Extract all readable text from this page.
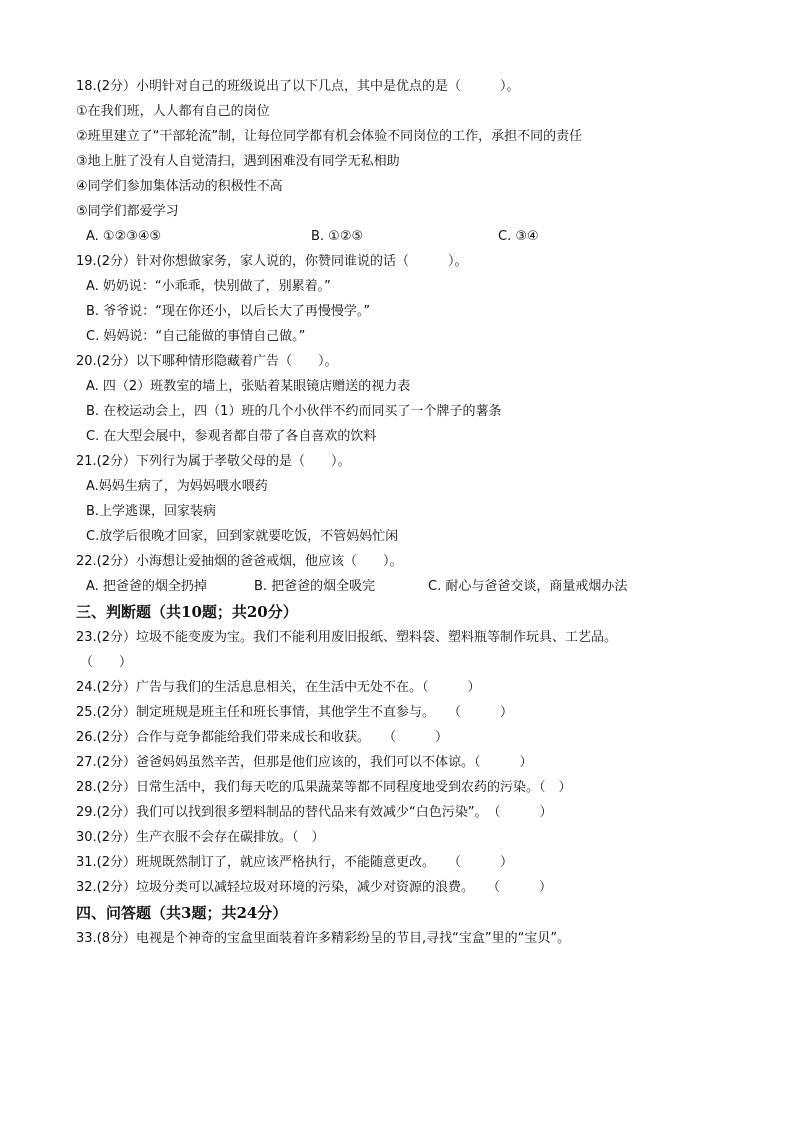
18.(2分）小明针对自己的班级说出了以下几点，其中是优点的是（　　　）。
①在我们班，人人都有自己的岗位
②班里建立了“干部轮流”制，让每位同学都有机会体验不同岗位的工作，承担不同的责任
③地上脏了没有人自觉清扫，遇到困难没有同学无私相助
④同学们参加集体活动的积极性不高
⑤同学们都爱学习
A. ①②③④⑤	B. ①②⑤	C. ③④
19.(2分）针对你想做家务，家人说的，你赞同谁说的话（　　　）。
A. 奶奶说：“小乖乖，快别做了，别累着。”
B. 爷爷说：“现在你还小，以后长大了再慢慢学。”
C. 妈妈说：“自己能做的事情自己做。”
20.(2分）以下哪种情形隐藏着广告（　　）。
A. 四（2）班教室的墙上，张贴着某眼镜店赠送的视力表
B. 在校运动会上，四（1）班的几个小伙伴不约而同买了一个牌子的薯条
C. 在大型会展中，参观者都自带了各自喜欢的饮料
21.(2分）下列行为属于孝敬父母的是（　　）。
A.妈妈生病了，为妈妈喂水喂药
B.上学逃课，回家装病
C.放学后很晚才回家，回到家就要吃饭，不管妈妈忙闲
22.(2分）小海想让爱抽烟的爸爸戒烟，他应该（　　）。
A. 把爸爸的烟全扔掉	B. 把爸爸的烟全吸完	C. 耐心与爸爸交谈，商量戒烟办法
三、判断题（共10题；共20分）
23.(2分）垃圾不能变废为宝。我们不能利用废旧报纸、塑料袋、塑料瓶等制作玩具、工艺品。
（　　）
24.(2分）广告与我们的生活息息相关，在生活中无处不在。（　　　）
25.(2分）制定班规是班主任和班长事情，其他学生不直参与。　　（　　　）
26.(2分）合作与竞争都能给我们带来成长和收获。　　（　　　）
27.(2分）爸爸妈妈虽然辛苦，但那是他们应该的，我们可以不体谅。（　　　）
28.(2分）日常生活中，我们每天吃的瓜果蔬菜等都不同程度地受到农药的污染。（　）
29.(2分）我们可以找到很多塑料制品的替代品来有效减少“白色污染”。　（　　　）
30.(2分）生产衣服不会存在碳排放。（　）
31.(2分）班规既然制订了，就应该严格执行，不能随意更改。　　（　　　）
32.(2分）垃圾分类可以减轻垃圾对环境的污染，减少对资源的浪费。　　（　　　）
四、问答题（共3题；共24分）
33.(8分）电视是个神奇的宝盒里面装着许多精彩纷呈的节目,寻找“宝盒”里的“宝贝”。
